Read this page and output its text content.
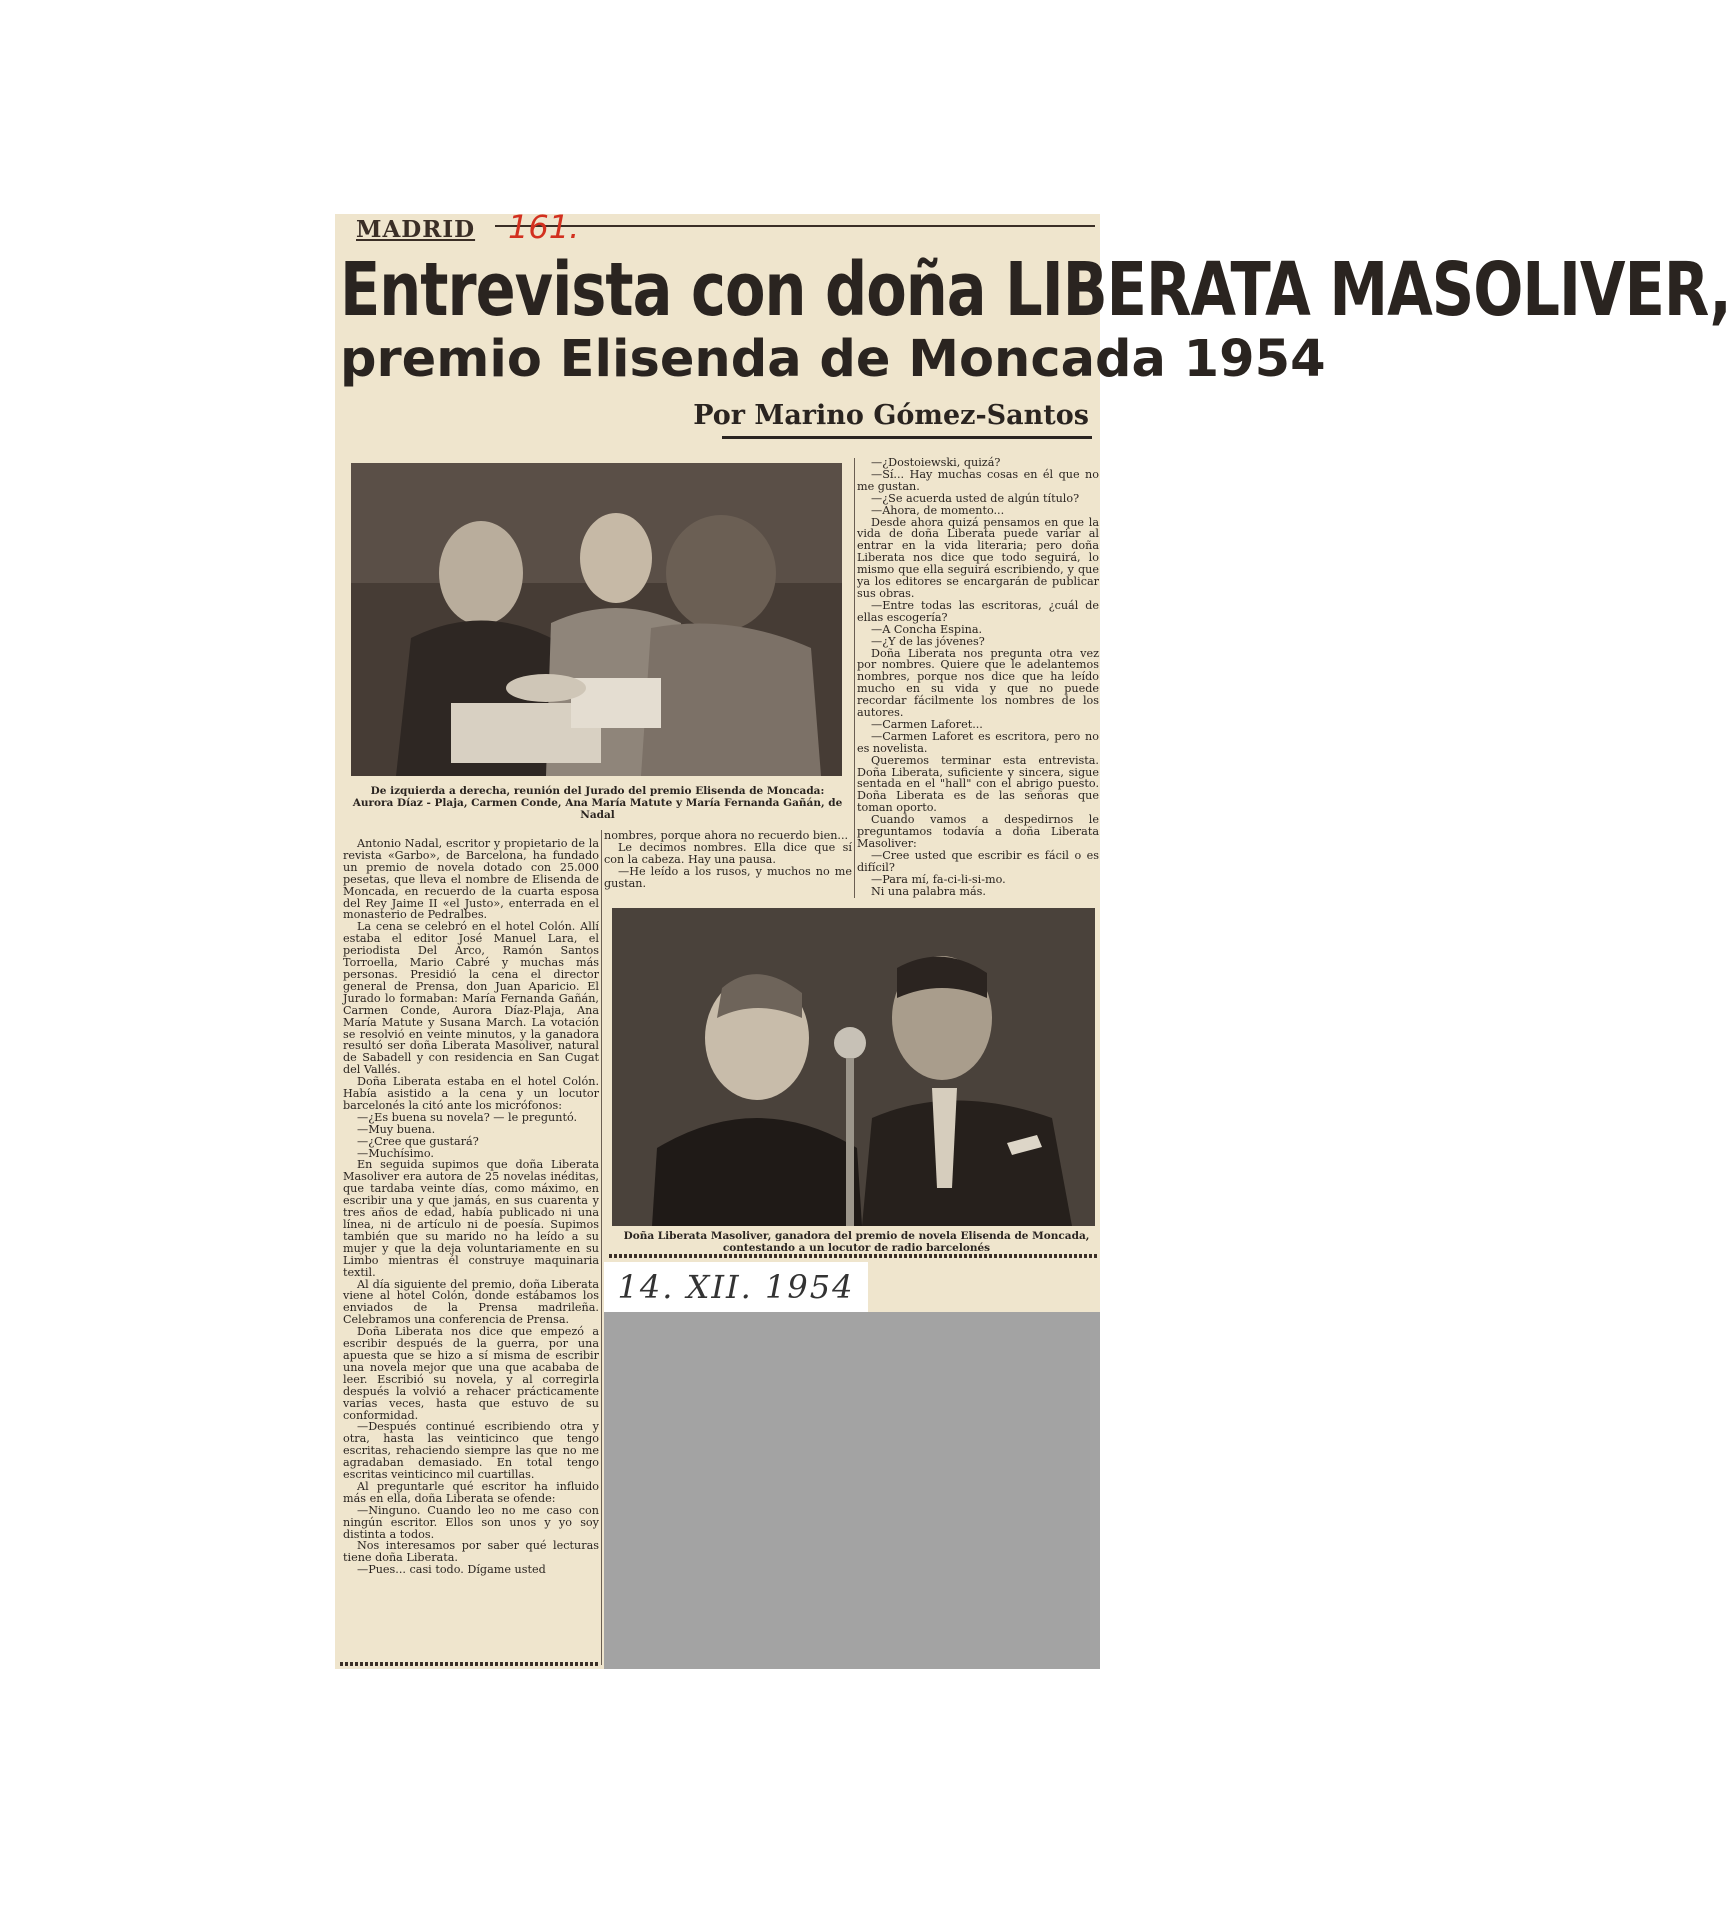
MADRID 161.
Entrevista con doña LIBERATA MASOLIVER,
premio Elisenda de Moncada 1954
Por Marino Gómez-Santos
De izquierda a derecha, reunión del Jurado del premio Elisenda de Moncada: Aurora Díaz - Plaja, Carmen Conde, Ana María Matute y María Fernanda Gañán, de Nadal

Antonio Nadal, escritor y propietario de la revista «Garbo», de Barcelona, ha fundado un premio de novela dotado con 25.000 pesetas, que lleva el nombre de Elisenda de Moncada, en recuerdo de la cuarta esposa del Rey Jaime II «el Justo», enterrada en el monasterio de Pedralbes.

La cena se celebró en el hotel Colón. Allí estaba el editor José Manuel Lara, el periodista Del Arco, Ramón Santos Torroella, Mario Cabré y muchas más personas. Presidió la cena el director general de Prensa, don Juan Aparicio. El Jurado lo formaban: María Fernanda Gañán, Carmen Conde, Aurora Díaz-Plaja, Ana María Matute y Susana March. La votación se resolvió en veinte minutos, y la ganadora resultó ser doña Liberata Masoliver, natural de Sabadell y con residencia en San Cugat del Vallés.

Doña Liberata estaba en el hotel Colón. Había asistido a la cena y un locutor barcelonés la citó ante los micrófonos:

—¿Es buena su novela? — le preguntó.

—Muy buena.

—¿Cree que gustará?

—Muchísimo.

En seguida supimos que doña Liberata Masoliver era autora de 25 novelas inéditas, que tardaba veinte días, como máximo, en escribir una y que jamás, en sus cuarenta y tres años de edad, había publicado ni una línea, ni de artículo ni de poesía. Supimos también que su marido no ha leído a su mujer y que la deja voluntariamente en su Limbo mientras él construye maquinaria textil.

Al día siguiente del premio, doña Liberata viene al hotel Colón, donde estábamos los enviados de la Prensa madrileña. Celebramos una conferencia de Prensa.

Doña Liberata nos dice que empezó a escribir después de la guerra, por una apuesta que se hizo a sí misma de escribir una novela mejor que una que acababa de leer. Escribió su novela, y al corregirla después la volvió a rehacer prácticamente varias veces, hasta que estuvo de su conformidad.

—Después continué escribiendo otra y otra, hasta las veinticinco que tengo escritas, rehaciendo siempre las que no me agradaban demasiado. En total tengo escritas veinticinco mil cuartillas.

Al preguntarle qué escritor ha influido más en ella, doña Liberata se ofende:

—Ninguno. Cuando leo no me caso con ningún escritor. Ellos son unos y yo soy distinta a todos.

Nos interesamos por saber qué lecturas tiene doña Liberata.

—Pues... casi todo. Dígame usted

nombres, porque ahora no recuerdo bien...

Le decimos nombres. Ella dice que sí con la cabeza. Hay una pausa.

—He leído a los rusos, y muchos no me gustan.

—¿Dostoiewski, quizá?

—Sí... Hay muchas cosas en él que no me gustan.

—¿Se acuerda usted de algún título?

—Ahora, de momento...

Desde ahora quizá pensamos en que la vida de doña Liberata puede variar al entrar en la vida literaria; pero doña Liberata nos dice que todo seguirá, lo mismo que ella seguirá escribiendo, y que ya los editores se encargarán de publicar sus obras.

—Entre todas las escritoras, ¿cuál de ellas escogería?

—A Concha Espina.

—¿Y de las jóvenes?

Doña Liberata nos pregunta otra vez por nombres. Quiere que le adelantemos nombres, porque nos dice que ha leído mucho en su vida y que no puede recordar fácilmente los nombres de los autores.

—Carmen Laforet...

—Carmen Laforet es escritora, pero no es novelista.

Queremos terminar esta entrevista. Doña Liberata, suficiente y sincera, sigue sentada en el "hall" con el abrigo puesto. Doña Liberata es de las señoras que toman oporto.

Cuando vamos a despedirnos le preguntamos todavía a doña Liberata Masoliver:

—Cree usted que escribir es fácil o es difícil?

—Para mí, fa-ci-li-si-mo.

Ni una palabra más.

Doña Liberata Masoliver, ganadora del premio de novela Elisenda de Moncada, contestando a un locutor de radio barcelonés
14. XII. 1954
